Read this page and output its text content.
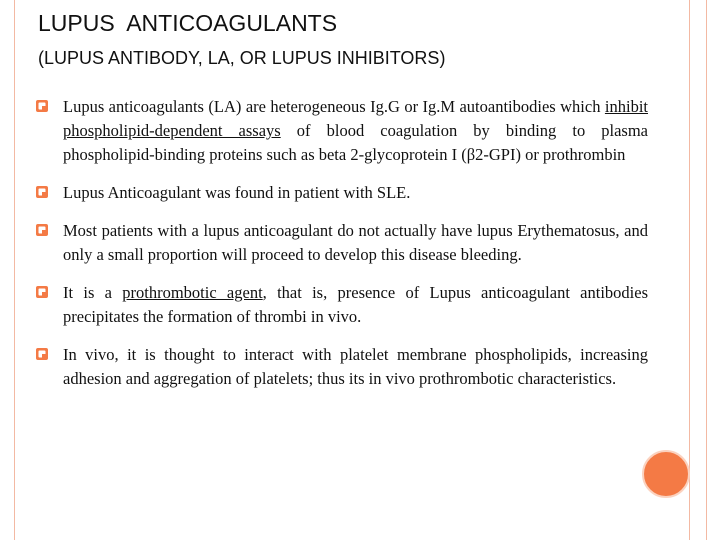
LUPUS  ANTICOAGULANTS
(LUPUS ANTIBODY, LA, OR LUPUS INHIBITORS)
Lupus anticoagulants (LA) are heterogeneous Ig.G or Ig.M autoantibodies which inhibit phospholipid-dependent assays of blood coagulation by binding to plasma phospholipid-binding proteins such as beta 2-glycoprotein I (β2-GPI) or prothrombin
Lupus Anticoagulant was found in patient with SLE.
Most patients with a lupus anticoagulant do not actually have lupus Erythematosus, and only a small proportion will proceed to develop this disease bleeding.
It is a prothrombotic agent, that is, presence of Lupus anticoagulant antibodies precipitates the formation of thrombi in vivo.
In vivo, it is thought to interact with platelet membrane phospholipids, increasing adhesion and aggregation of platelets; thus its in vivo prothrombotic characteristics.
